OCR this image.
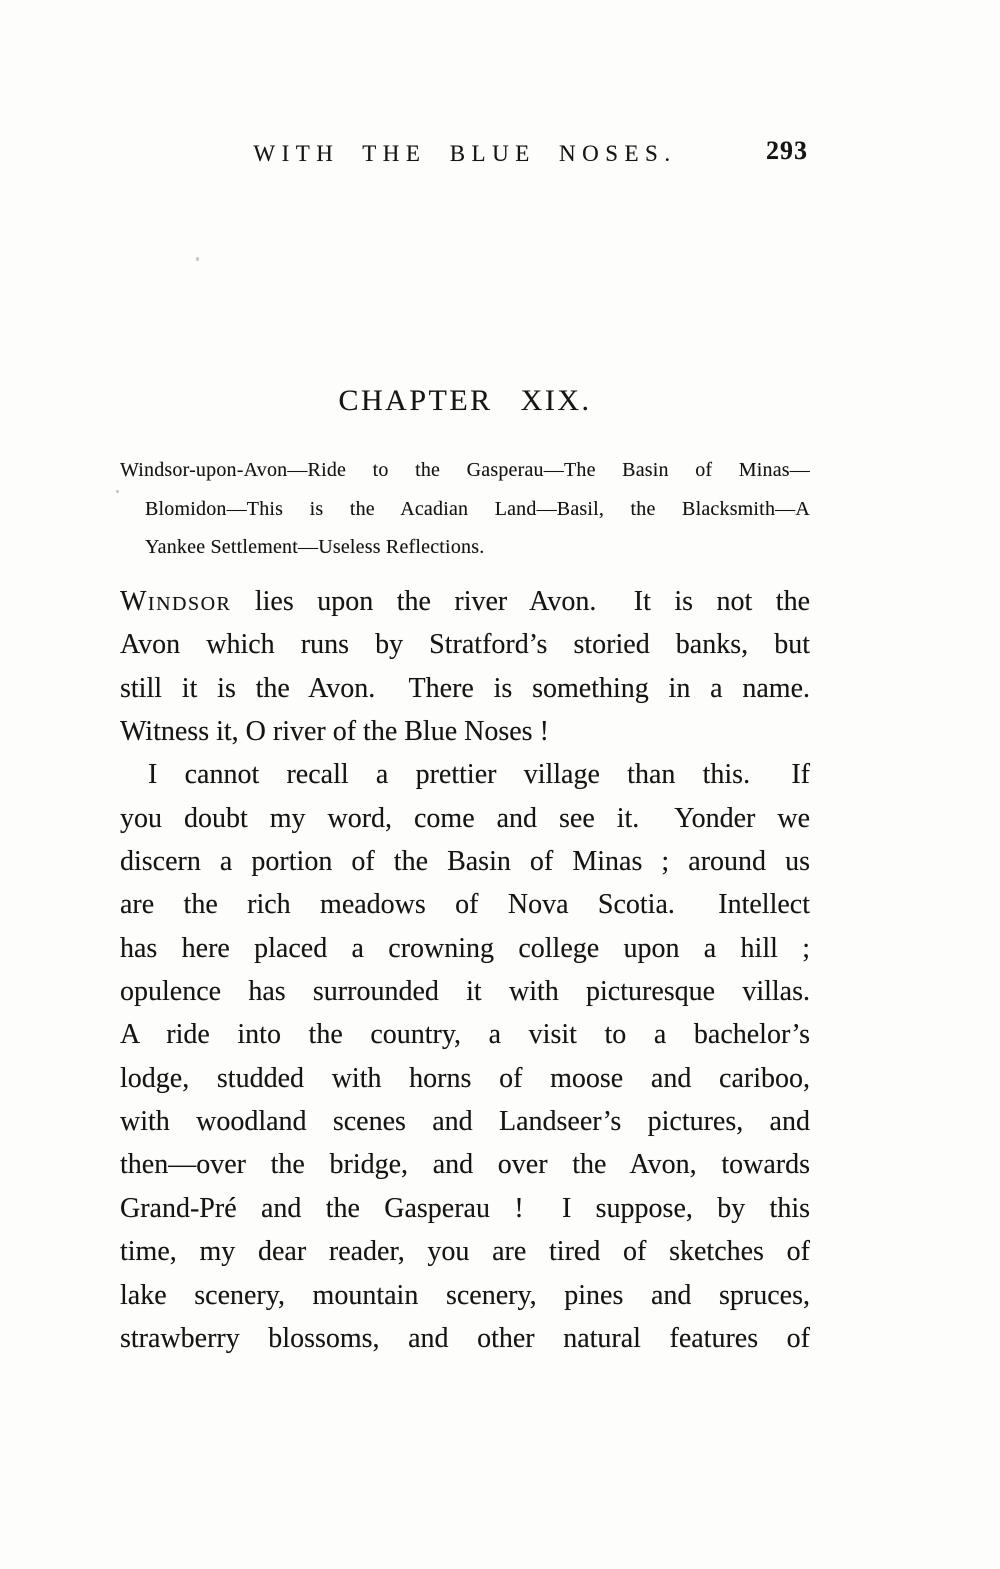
WITH THE BLUE NOSES.	293
CHAPTER XIX.
Windsor-upon-Avon—Ride to the Gasperau—The Basin of Minas—
Blomidon—This is the Acadian Land—Basil, the Blacksmith—A
Yankee Settlement—Useless Reflections.
Windsor lies upon the river Avon.  It is not the
Avon which runs by Stratford’s storied banks, but
still it is the Avon.  There is something in a name.
Witness it, O river of the Blue Noses !
I cannot recall a prettier village than this.  If
you doubt my word, come and see it.  Yonder we
discern a portion of the Basin of Minas ; around us
are the rich meadows of Nova Scotia.  Intellect
has here placed a crowning college upon a hill ;
opulence has surrounded it with picturesque villas.
A ride into the country, a visit to a bachelor’s
lodge, studded with horns of moose and cariboo,
with woodland scenes and Landseer’s pictures, and
then—over the bridge, and over the Avon, towards
Grand-Pré and the Gasperau !  I suppose, by this
time, my dear reader, you are tired of sketches of
lake scenery, mountain scenery, pines and spruces,
strawberry blossoms, and other natural features of
